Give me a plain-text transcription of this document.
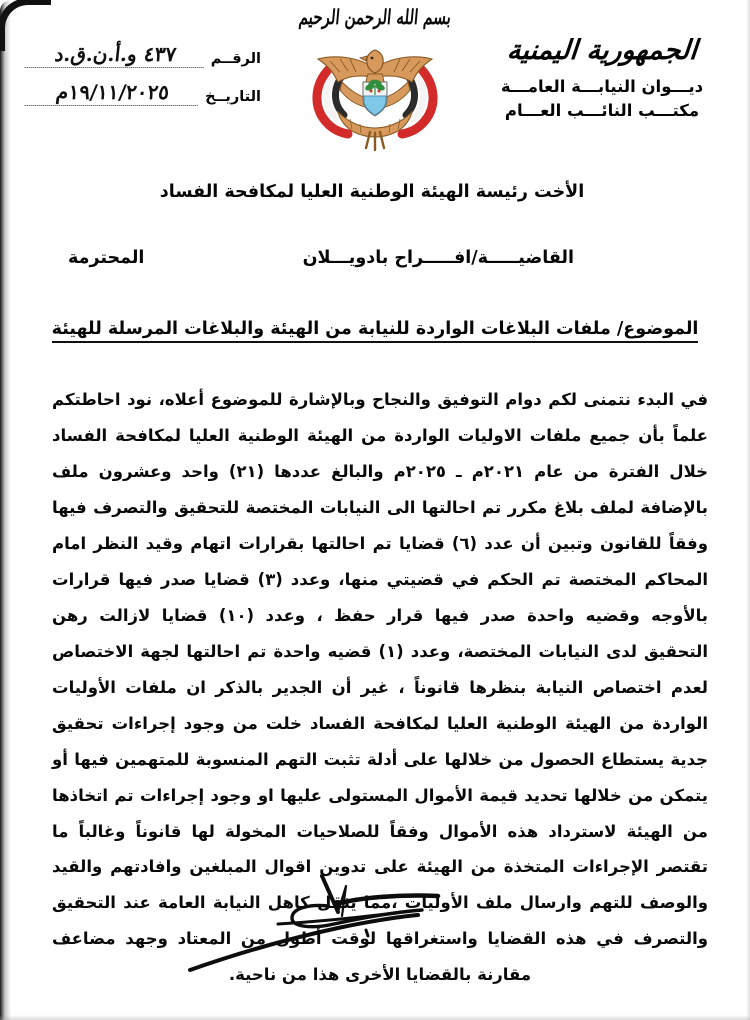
الجمهورية اليمنية
ديـــوان النيابـــة العامـــة
مكتـــب النائـــب العـــام
بسم الله الرحمن الرحيم
الرقــم
٤٣٧ و.أ.ن.ق.د
التاريــخ
١٩/١١/٢٠٢٥م
الأخت رئيسة الهيئة الوطنية العليا لمكافحة الفساد
القاضيـــــة/افـــــراح بادويـــلان
المحترمة
الموضوع/ ملفات البلاغات الواردة للنيابة من الهيئة والبلاغات المرسلة للهيئة
في البدء نتمنى لكم دوام التوفيق والنجاح وبالإشارة للموضوع أعلاه، نود احاطتكم علماً بأن جميع ملفات الاوليات الواردة من الهيئة الوطنية العليا لمكافحة الفساد خلال الفترة من عام ٢٠٢١م ـ ٢٠٢٥م والبالغ عددها (٢١) واحد وعشرون ملف بالإضافة لملف بلاغ مكرر تم احالتها الى النيابات المختصة للتحقيق والتصرف فيها وفقاً للقانون وتبين أن عدد (٦) قضايا تم احالتها بقرارات اتهام وقيد النظر امام المحاكم المختصة تم الحكم في قضيتي منها، وعدد (٣) قضايا صدر فيها قرارات بالأوجه وقضيه واحدة صدر فيها قرار حفظ ، وعدد (١٠) قضايا لازالت رهن التحقيق لدى النيابات المختصة، وعدد (١) قضيه واحدة تم احالتها لجهة الاختصاص لعدم اختصاص النيابة بنظرها قانوناً ، غير أن الجدير بالذكر ان ملفات الأوليات الواردة من الهيئة الوطنية العليا لمكافحة الفساد خلت من وجود إجراءات تحقيق جدية يستطاع الحصول من خلالها على أدلة تثبت التهم المنسوبة للمتهمين فيها أو يتمكن من خلالها تحديد قيمة الأموال المستولى عليها او وجود إجراءات تم اتخاذها من الهيئة لاسترداد هذه الأموال وفقاً للصلاحيات المخولة لها قانوناً وغالباً ما تقتصر الإجراءات المتخذة من الهيئة على تدوين اقوال المبلغين وافادتهم والقيد والوصف للتهم وارسال ملف الأوليات ،مما يثقل كاهل النيابة العامة عند التحقيق والتصرف في هذه القضايا واستغراقها لوقت أطول من المعتاد وجهد مضاعف مقارنة بالقضايا الأخرى هذا من ناحية.
